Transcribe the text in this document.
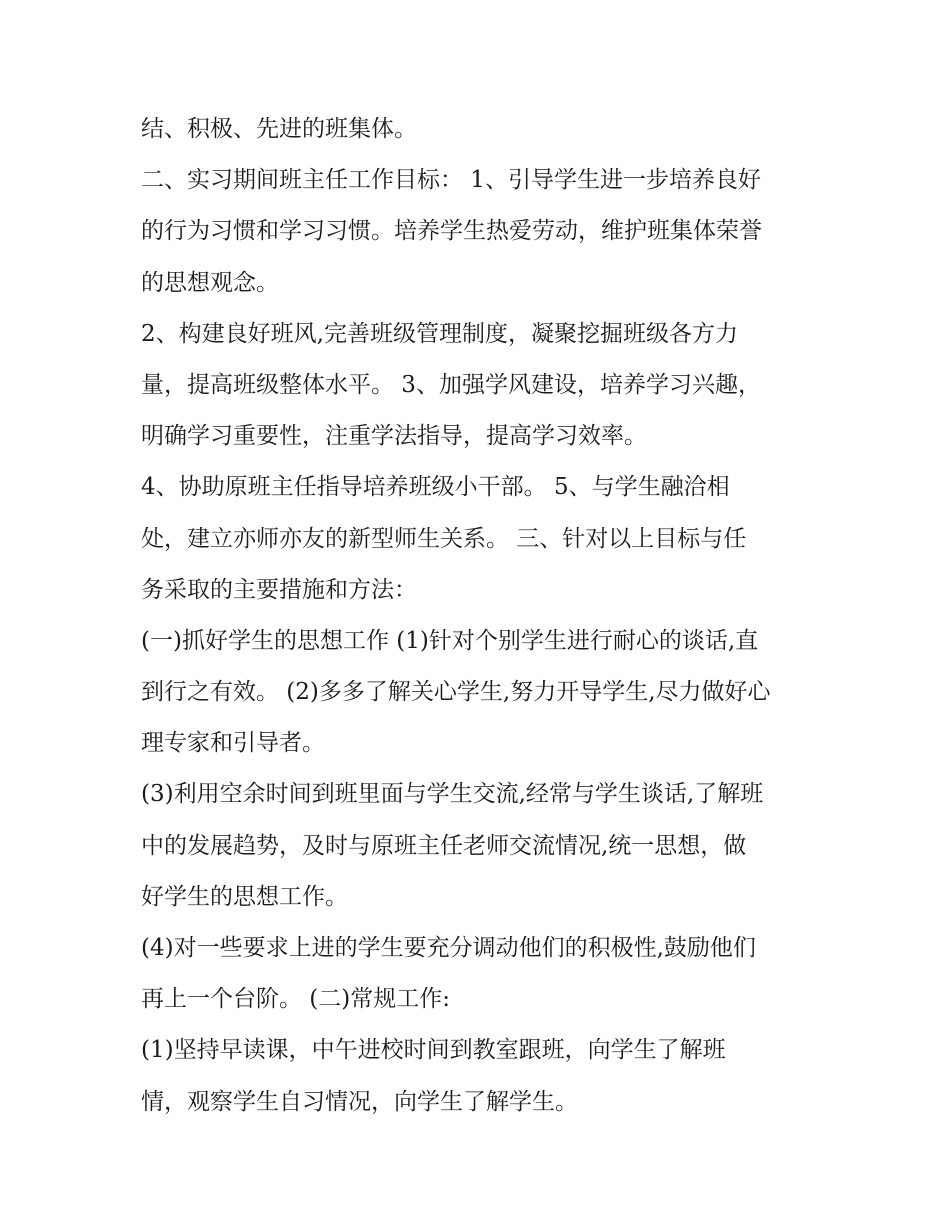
结、积极、先进的班集体。
二、实习期间班主任工作目标： 1、引导学生进一步培养良好
的行为习惯和学习习惯。培养学生热爱劳动，维护班集体荣誉
的思想观念。
2、构建良好班风,完善班级管理制度，凝聚挖掘班级各方力
量，提高班级整体水平。 3、加强学风建设，培养学习兴趣，
明确学习重要性，注重学法指导，提高学习效率。
4、协助原班主任指导培养班级小干部。 5、与学生融洽相
处，建立亦师亦友的新型师生关系。 三、针对以上目标与任
务采取的主要措施和方法：
(一)抓好学生的思想工作 (1)针对个别学生进行耐心的谈话,直
到行之有效。 (2)多多了解关心学生,努力开导学生,尽力做好心
理专家和引导者。
(3)利用空余时间到班里面与学生交流,经常与学生谈话,了解班
中的发展趋势，及时与原班主任老师交流情况,统一思想，做
好学生的思想工作。
(4)对一些要求上进的学生要充分调动他们的积极性,鼓励他们
再上一个台阶。 (二)常规工作:
(1)坚持早读课，中午进校时间到教室跟班，向学生了解班
情，观察学生自习情况，向学生了解学生。
